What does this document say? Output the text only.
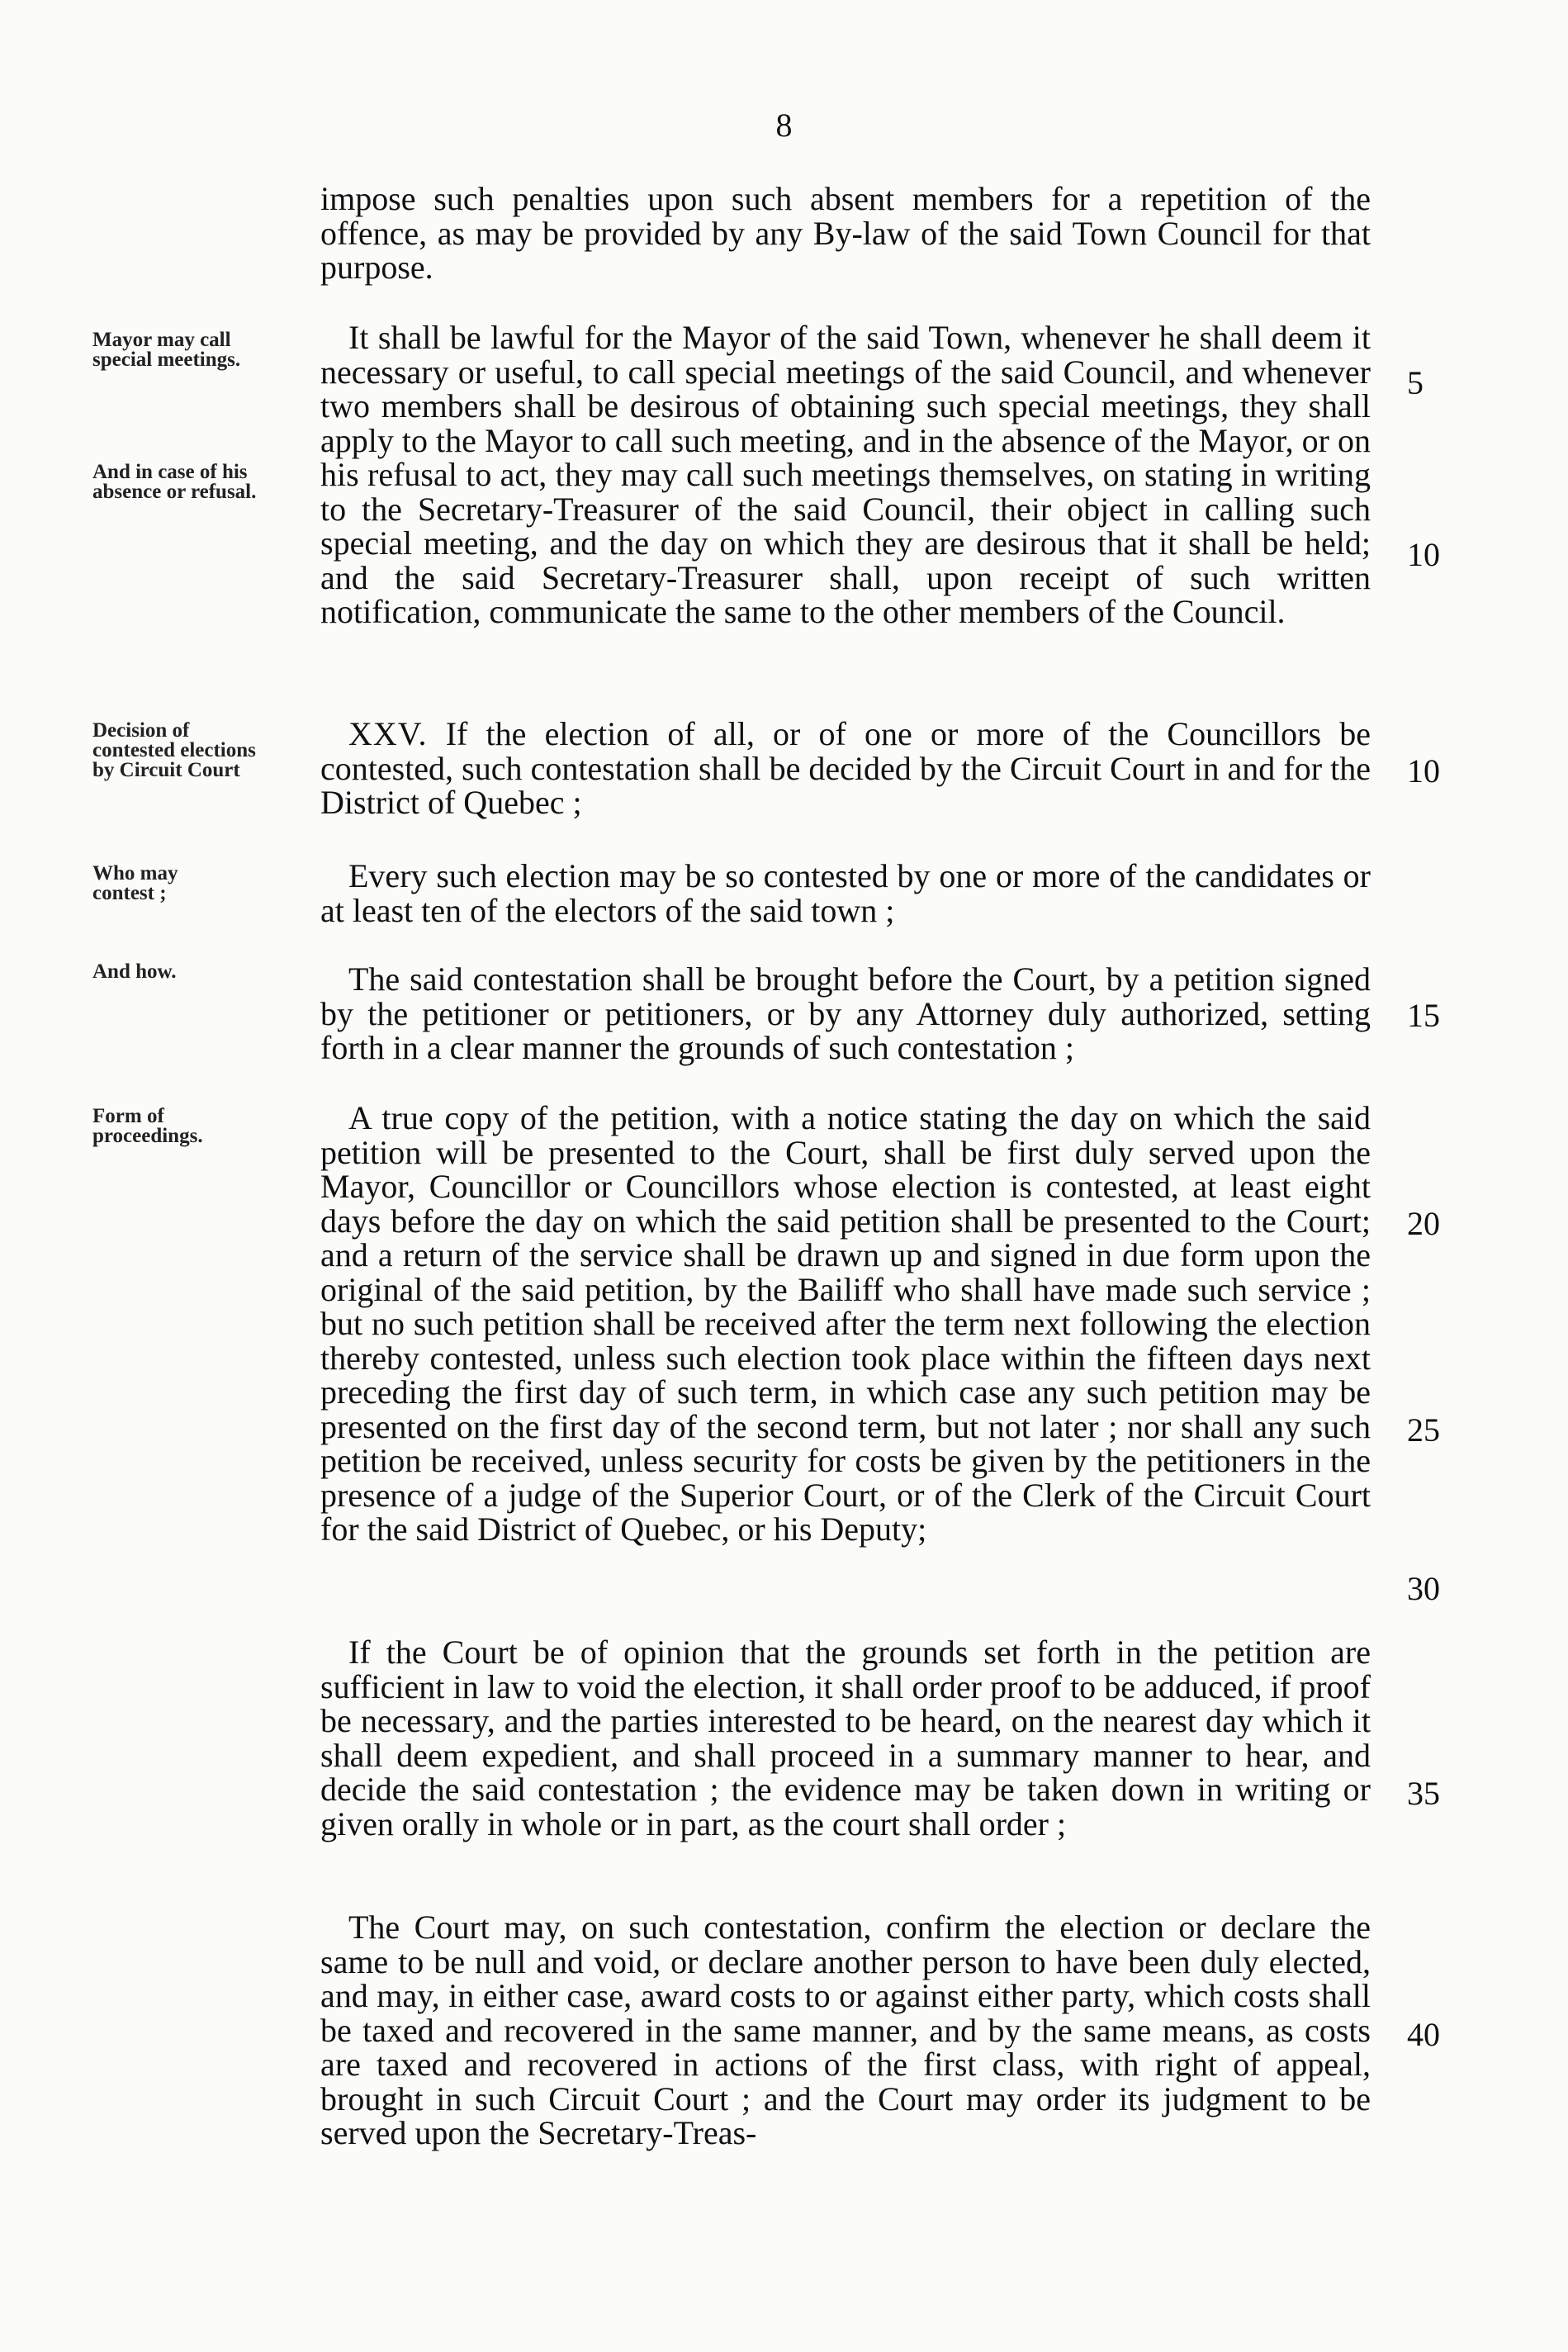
8

impose such penalties upon such absent members for a repetition of the offence, as may be provided by any By-law of the said Town Council for that purpose.

It shall be lawful for the Mayor of the said Town, whenever he shall deem it necessary or useful, to call special meetings of the said Council, and whenever two members shall be desirous of obtaining such special meetings, they shall apply to the Mayor to call such meeting, and in the absence of the Mayor, or on his refusal to act, they may call such meetings themselves, on stating in writing to the Secretary-Treasurer of the said Council, their object in calling such special meeting, and the day on which they are desirous that it shall be held; and the said Secretary-Treasurer shall, upon receipt of such written notification, communicate the same to the other members of the Council.

XXV. If the election of all, or of one or more of the Councillors be contested, such contestation shall be decided by the Circuit Court in and for the District of Quebec ;

Every such election may be so contested by one or more of the candidates or at least ten of the electors of the said town ;

The said contestation shall be brought before the Court, by a petition signed by the petitioner or petitioners, or by any Attorney duly authorized, setting forth in a clear manner the grounds of such contestation ;

A true copy of the petition, with a notice stating the day on which the said petition will be presented to the Court, shall be first duly served upon the Mayor, Councillor or Councillors whose election is contested, at least eight days before the day on which the said petition shall be presented to the Court; and a return of the service shall be drawn up and signed in due form upon the original of the said petition, by the Bailiff who shall have made such service ; but no such petition shall be received after the term next following the election thereby contested, unless such election took place within the fifteen days next preceding the first day of such term, in which case any such petition may be presented on the first day of the second term, but not later ; nor shall any such petition be received, unless security for costs be given by the petitioners in the presence of a judge of the Superior Court, or of the Clerk of the Circuit Court for the said District of Quebec, or his Deputy;

If the Court be of opinion that the grounds set forth in the petition are sufficient in law to void the election, it shall order proof to be adduced, if proof be necessary, and the parties interested to be heard, on the nearest day which it shall deem expedient, and shall proceed in a summary manner to hear, and decide the said contestation ; the evidence may be taken down in writing or given orally in whole or in part, as the court shall order ;

The Court may, on such contestation, confirm the election or declare the same to be null and void, or declare another person to have been duly elected, and may, in either case, award costs to or against either party, which costs shall be taxed and recovered in the same manner, and by the same means, as costs are taxed and recovered in actions of the first class, with right of appeal, brought in such Circuit Court ; and the Court may order its judgment to be served upon the Secretary-Treas-

Mayor may call special meetings.
And in case of his absence or refusal.
Decision of contested elections by Circuit Court
Who may contest ;
And how.
Form of proceedings.
5
10
10
15
20
25
30
35
40
